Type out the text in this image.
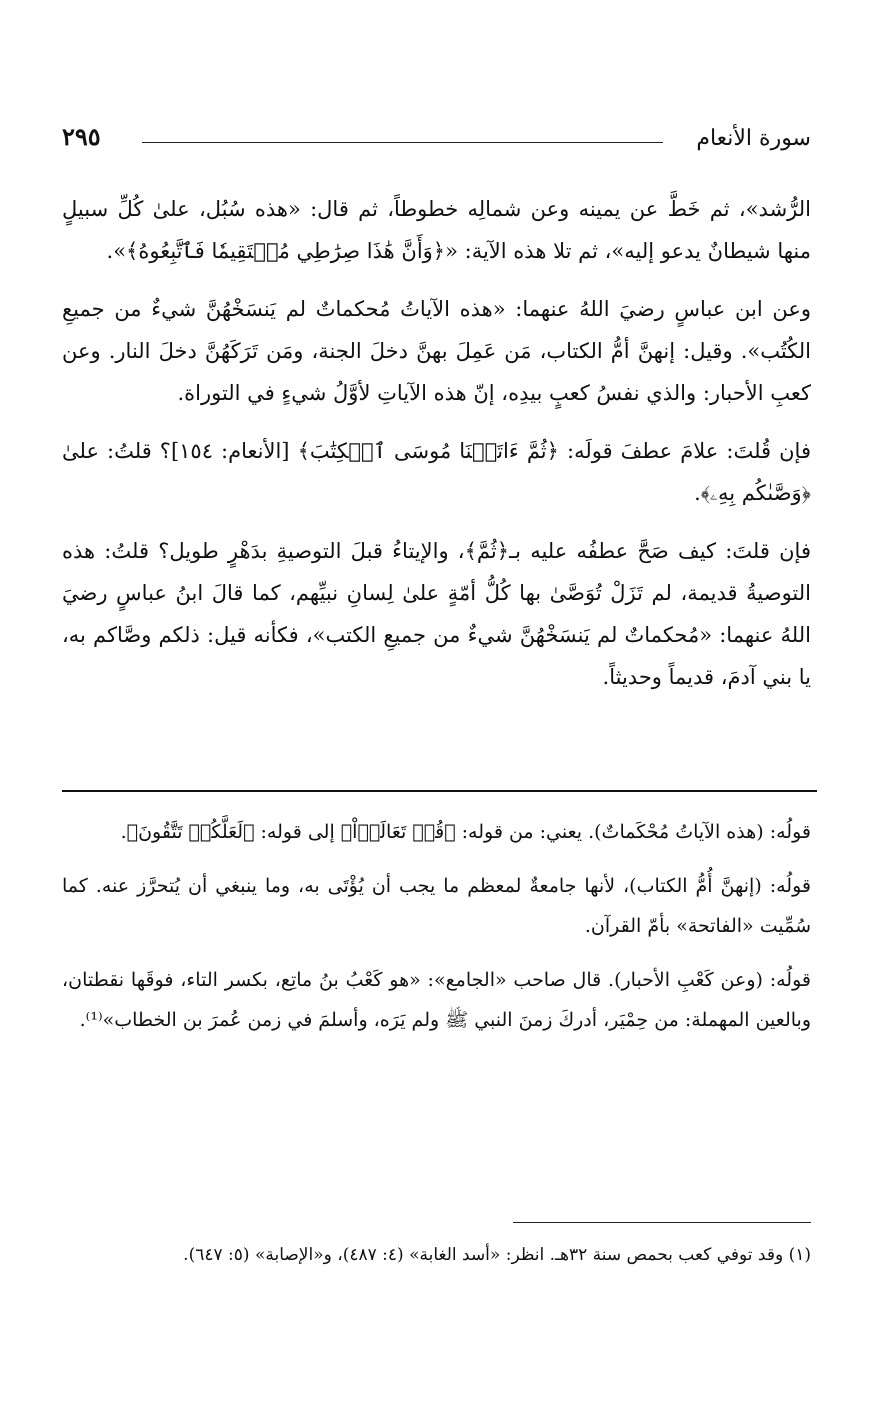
سورة الأنعام
٢٩٥

الرُّشد»، ثم خَطَّ عن يمينه وعن شمالِه خطوطاً، ثم قال: «هذه سُبُل، علىٰ كُلِّ سبيلٍ منها شيطانٌ يدعو إليه»، ثم تلا هذه الآية: «﴿وَأَنَّ هَٰذَا صِرَٰطِي مُسۡتَقِيمٗا فَٱتَّبِعُوهُ﴾».

وعن ابن عباسٍ رضيَ اللهُ عنهما: «هذه الآياتُ مُحكماتٌ لم يَنسَخْهُنَّ شيءٌ من جميعِ الكُتُب». وقيل: إنهنَّ أمُّ الكتاب، مَن عَمِلَ بهنَّ دخلَ الجنة، ومَن تَرَكَهُنَّ دخلَ النار. وعن كعبِ الأحبار: والذي نفسُ كعبٍ بيدِه، إنّ هذه الآياتِ لأوَّلُ شيءٍ في التوراة.

فإن قُلتَ: علامَ عطفَ قولَه: ﴿ثُمَّ ءَاتَيۡنَا مُوسَى ٱلۡكِتَٰبَ﴾ [الأنعام: ١٥٤]؟ قلتُ: علىٰ ﴿وَصَّىٰكُم بِهِۦ﴾.

فإن قلتَ: كيف صَحَّ عطفُه عليه بـ﴿ثُمَّ﴾، والإيتاءُ قبلَ التوصيةِ بدَهْرٍ طويل؟ قلتُ: هذه التوصيةُ قديمة، لم تَزَلْ تُوَصَّىٰ بها كُلُّ أمّةٍ علىٰ لِسانِ نبيِّهم، كما قالَ ابنُ عباسٍ رضيَ اللهُ عنهما: «مُحكماتٌ لم يَنسَخْهُنَّ شيءٌ من جميعِ الكتب»، فكأنه قيل: ذلكم وصَّاكم به، يا بني آدمَ، قديماً وحديثاً.

قولُه: (هذه الآياتُ مُحْكَماتٌ). يعني: من قوله: ﴿قُلۡ تَعَالَوۡاْ﴾ إلى قوله: ﴿لَعَلَّكُمۡ تَتَّقُونَ﴾.

قولُه: (إنهنَّ أُمُّ الكتاب)، لأنها جامعةٌ لمعظم ما يجب أن يُؤْتَى به، وما ينبغي أن يُتحرَّز عنه. كما سُمِّيت «الفاتحة» بأمّ القرآن.

قولُه: (وعن كَعْبِ الأحبار). قال صاحب «الجامع»: «هو كَعْبُ بنُ ماتِع، بكسر التاء، فوقَها نقطتان، وبالعين المهملة: من حِمْيَر، أدركَ زمنَ النبي ﷺ ولم يَرَه، وأسلمَ في زمن عُمرَ بن الخطاب»⁽¹⁾.

(١) وقد توفي كعب بحمص سنة ٣٢هـ. انظر: «أسد الغابة» (٤: ٤٨٧)، و«الإصابة» (٥: ٦٤٧).
